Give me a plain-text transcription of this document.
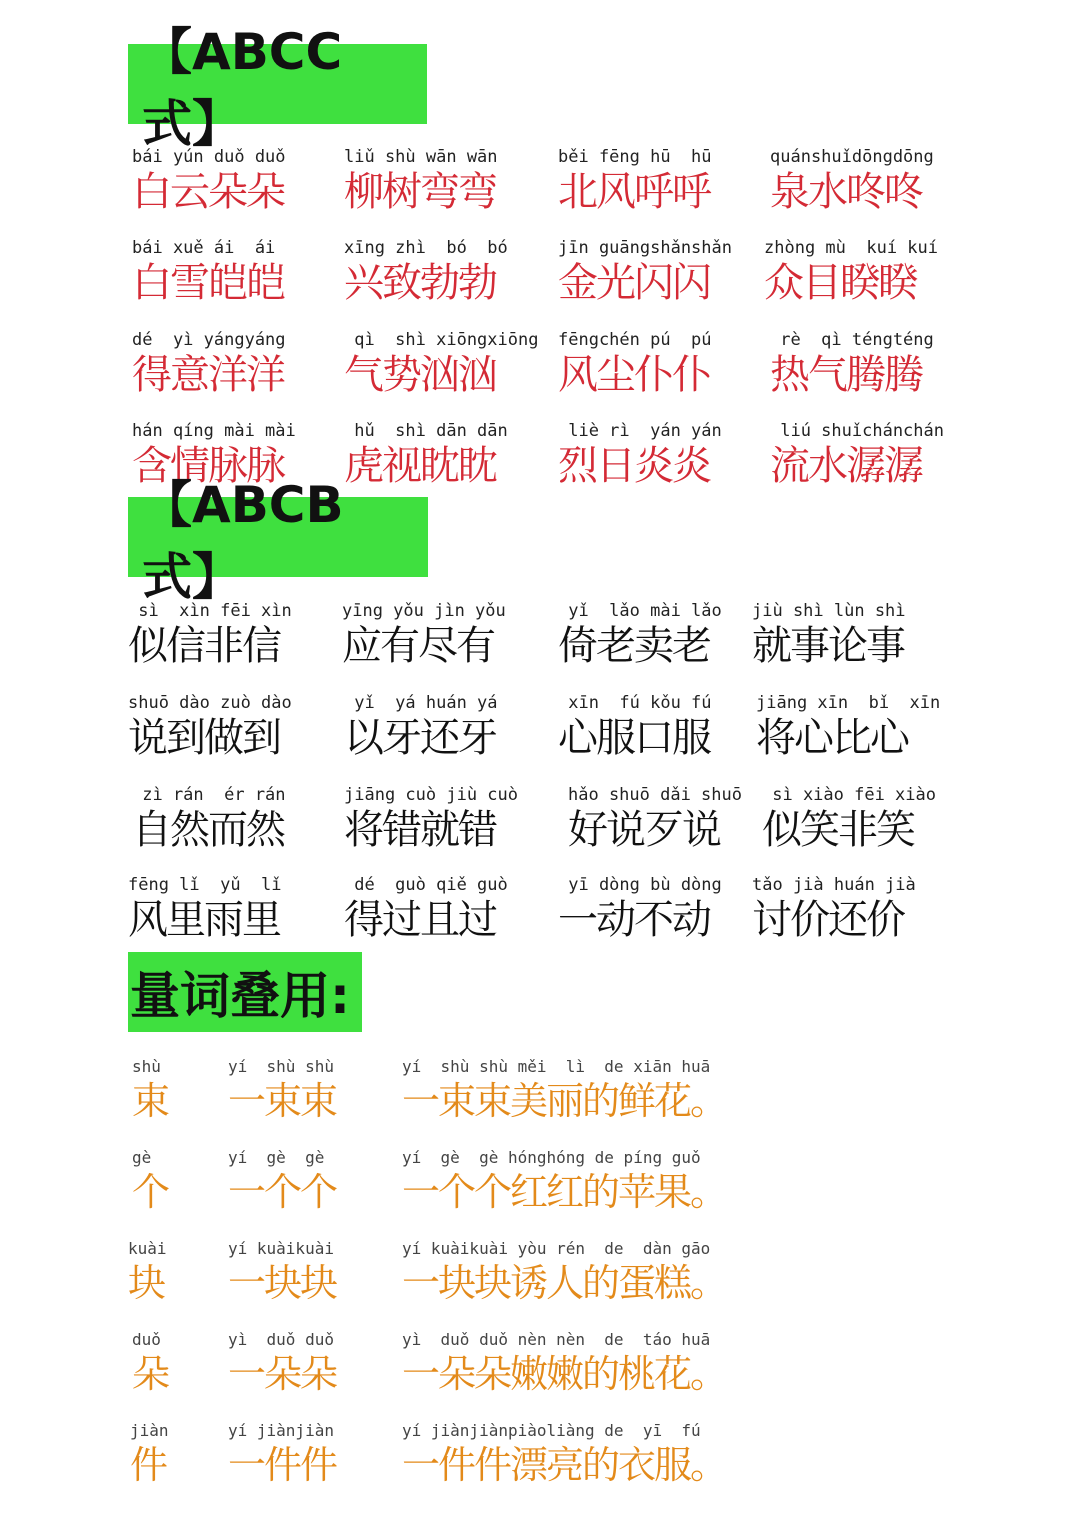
【ABCC 式】
bái yún duǒ duǒ
白云朵朵
liǔ shù wān wān
柳树弯弯
běi fēng hū  hū
北风呼呼
quánshuǐdōngdōng
泉水咚咚
bái xuě ái  ái
白雪皑皑
xīng zhì  bó  bó
兴致勃勃
jīn guāngshǎnshǎn
金光闪闪
zhòng mù  kuí kuí
众目睽睽
dé  yì yángyáng
得意洋洋
qì  shì xiōngxiōng
气势汹汹
fēngchén pú  pú
风尘仆仆
rè  qì téngténg
热气腾腾
hán qíng mài mài
含情脉脉
hǔ  shì dān dān
虎视眈眈
liè rì  yán yán
烈日炎炎
liú shuǐchánchán
流水潺潺
【ABCB 式】
sì  xìn fēi xìn
似信非信
yīng yǒu jìn yǒu
应有尽有
yǐ  lǎo mài lǎo
倚老卖老
jiù shì lùn shì
就事论事
shuō dào zuò dào
说到做到
yǐ  yá huán yá
以牙还牙
xīn  fú kǒu fú
心服口服
jiāng xīn  bǐ  xīn
将心比心
zì rán  ér rán
自然而然
jiāng cuò jiù cuò
将错就错
hǎo shuō dǎi shuō
好说歹说
sì xiào fēi xiào
似笑非笑
fēng lǐ  yǔ  lǐ
风里雨里
dé  guò qiě guò
得过且过
yī dòng bù dòng
一动不动
tǎo jià huán jià
讨价还价
量词叠用:
shù
束
yí  shù shù
一束束
yí  shù shù měi  lì  de xiān huā
一束束美丽的鲜花。
gè
个
yí  gè  gè
一个个
yí  gè  gè hónghóng de píng guǒ
一个个红红的苹果。
kuài
块
yí kuàikuài
一块块
yí kuàikuài yòu rén  de  dàn gāo
一块块诱人的蛋糕。
duǒ
朵
yì  duǒ duǒ
一朵朵
yì  duǒ duǒ nèn nèn  de  táo huā
一朵朵嫩嫩的桃花。
jiàn
件
yí jiànjiàn
一件件
yí jiànjiànpiàoliàng de  yī  fú
一件件漂亮的衣服。
